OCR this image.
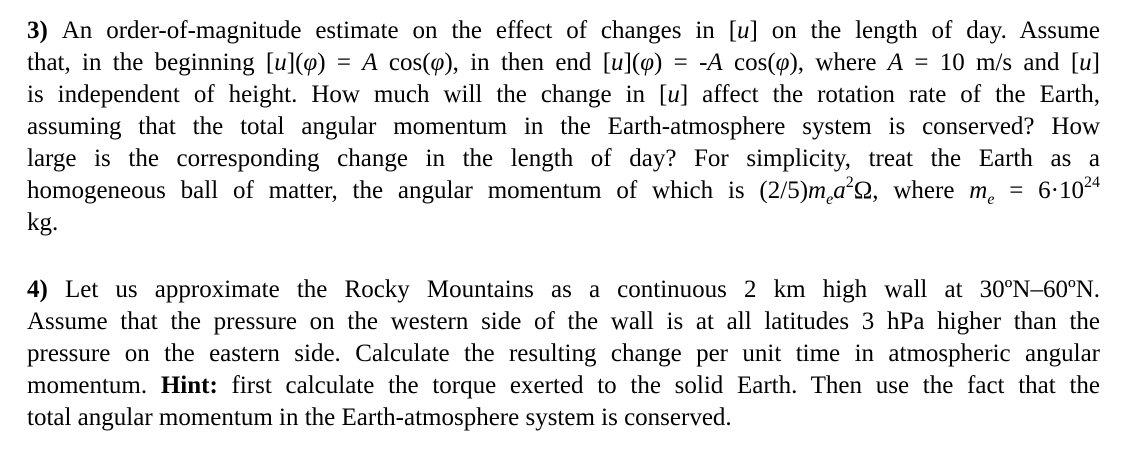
3) An order-of-magnitude estimate on the effect of changes in [u] on the length of day. Assume
that, in the beginning [u](φ) = A cos(φ), in then end [u](φ) = -A cos(φ), where A = 10 m/s and [u]
is independent of height. How much will the change in [u] affect the rotation rate of the Earth,
assuming that the total angular momentum in the Earth-atmosphere system is conserved? How
large is the corresponding change in the length of day? For simplicity, treat the Earth as a
homogeneous ball of matter, the angular momentum of which is $(2/5)m_ea^2\Omega$, where $m_e = 6\cdot 10^{24}$
kg.
4) Let us approximate the Rocky Mountains as a continuous 2 km high wall at 30ºN–60ºN.
Assume that the pressure on the western side of the wall is at all latitudes 3 hPa higher than the
pressure on the eastern side. Calculate the resulting change per unit time in atmospheric angular
momentum. Hint: first calculate the torque exerted to the solid Earth. Then use the fact that the
total angular momentum in the Earth-atmosphere system is conserved.
